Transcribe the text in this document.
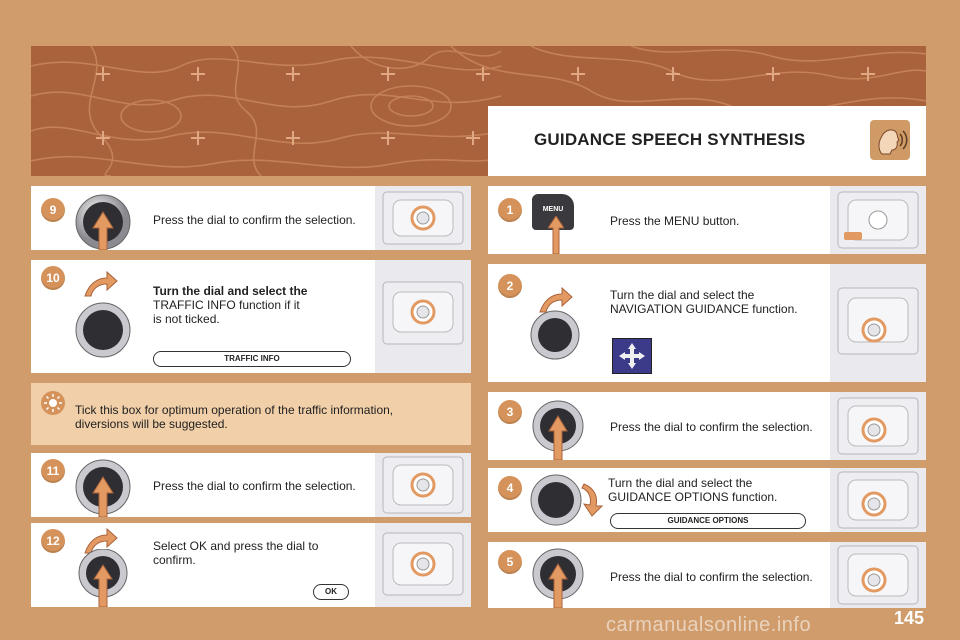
GUIDANCE SPEECH SYNTHESIS
9
Press the dial to confirm the selection.
10
Turn the dial and select the
TRAFFIC INFO function if it is not ticked.
TRAFFIC INFO
Tick this box for optimum operation of the traffic information, diversions will be suggested.
11
Press the dial to confirm the selection.
12	Select OK and press the dial to confirm.
OK
1	MENU
Press the MENU button.
2
Turn the dial and select the NAVIGATION GUIDANCE function.
3
Press the dial to confirm the selection.
4	Turn the dial and select the GUIDANCE OPTIONS function.
GUIDANCE OPTIONS
5
Press the dial to confirm the selection.
carmanualsonline.info	145
